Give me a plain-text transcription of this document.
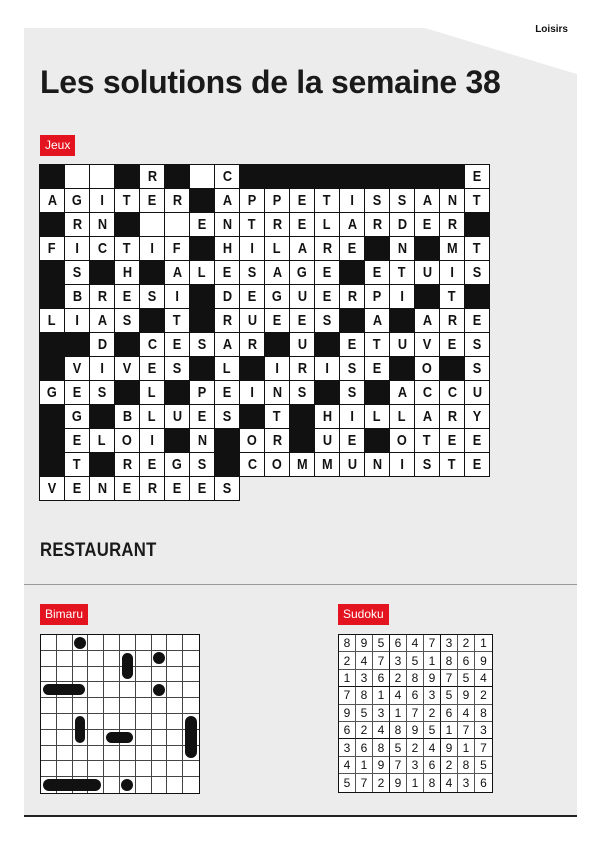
Loisirs
Les solutions de la semaine 38
Jeux
R	C	E
A G I T E R	A P P E T I S S A N T
R N	E N T R E L A R D E R
F I C T I F	H I L A R E	N	M T
S	H	A L E S A G E	E T U I S
B R E S I	D E G U E R P I	T
L I A S	T	R U E E S	A	A R E
D	C E S A R	U	E T U V E S
V I V E S	L	I R I S E	O	S
G E S	L	P E I N S	S	A C C U
G	B L U E S	T	H I L L A R Y
E L O I	N	O R	U E	O T E E
T	R E G S	C O M M U N I S T E
V E N E R E E S
RESTAURANT
Bimaru	Sudoku
8 9 5 6 4 7 3 2 1
2 4 7 3 5 1 8 6 9
1 3 6 2 8 9 7 5 4
7 8 1 4 6 3 5 9 2
9 5 3 1 7 2 6 4 8
6 2 4 8 9 5 1 7 3
3 6 8 5 2 4 9 1 7
4 1 9 7 3 6 2 8 5
5 7 2 9 1 8 4 3 6
